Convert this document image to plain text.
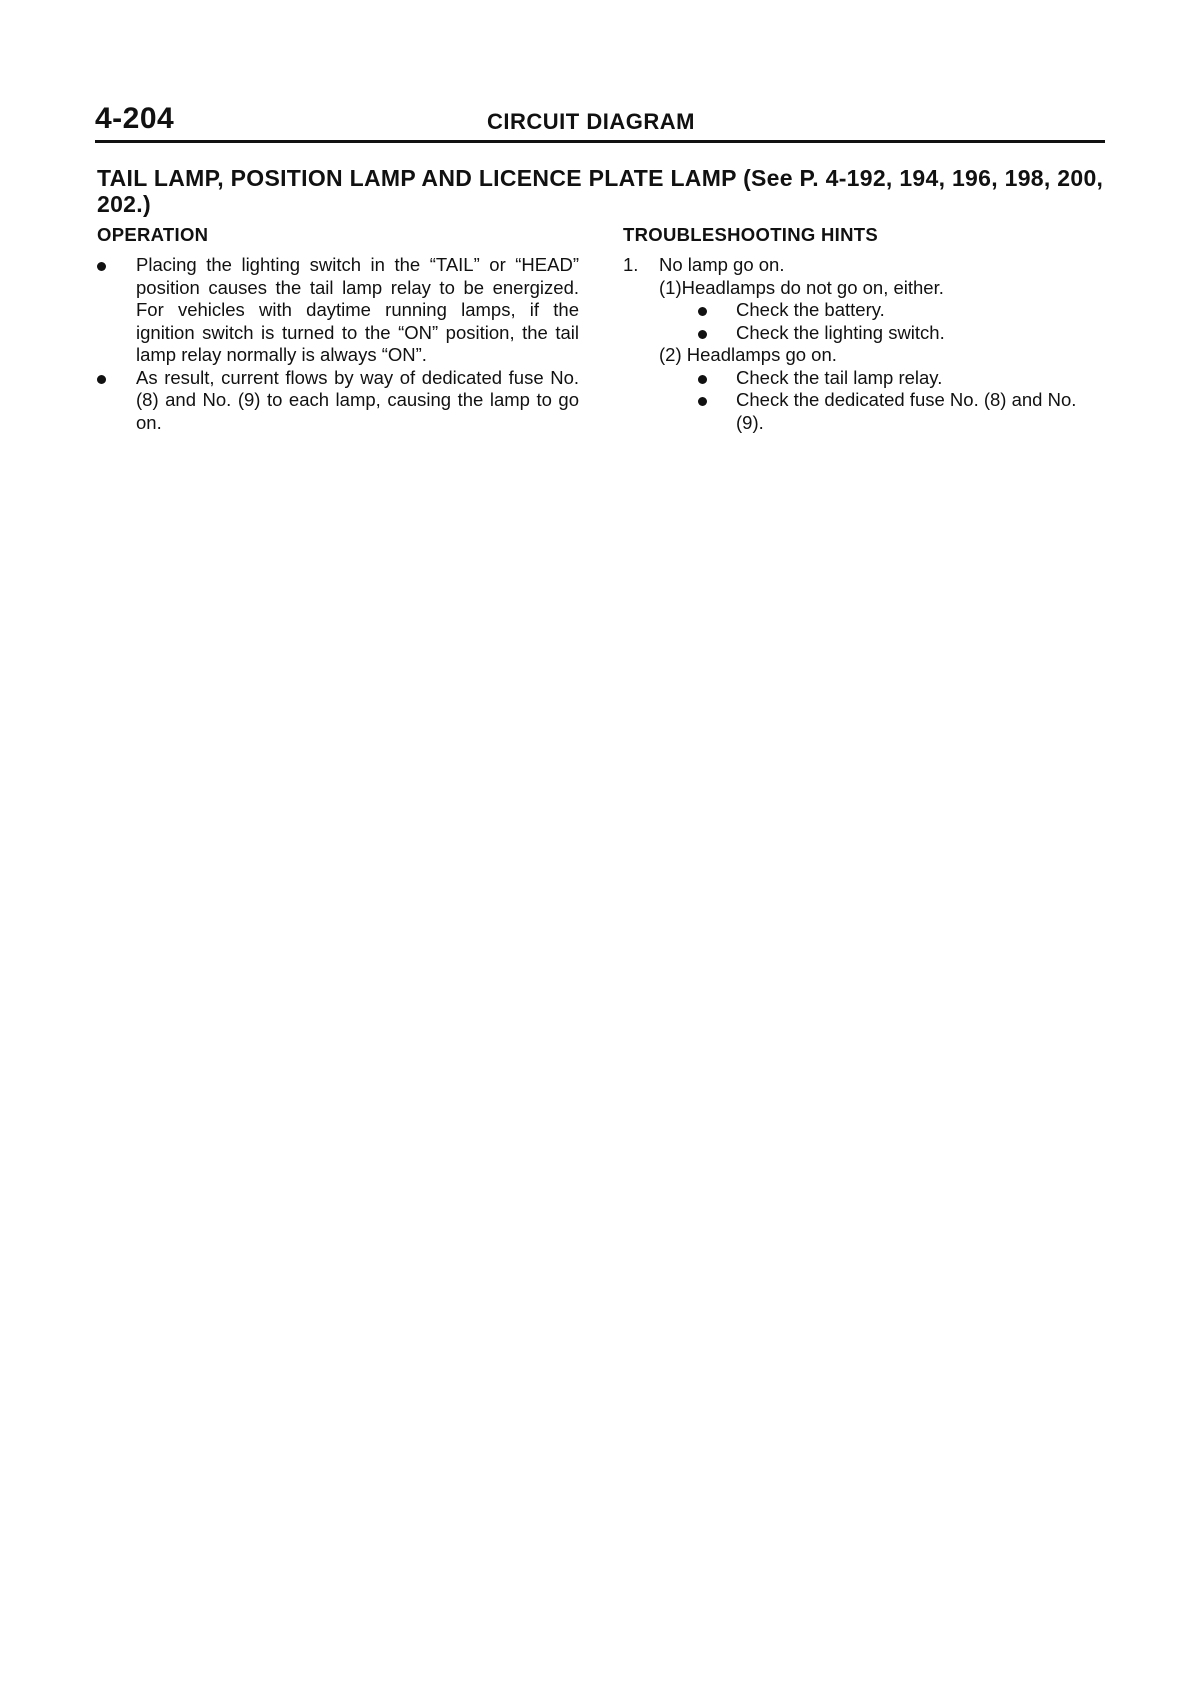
4-204	CIRCUIT DIAGRAM
TAIL LAMP, POSITION LAMP AND LICENCE PLATE LAMP (See P. 4-192, 194, 196, 198, 200, 202.)
OPERATION
Placing the lighting switch in the “TAIL” or “HEAD” position causes the tail lamp relay to be energized. For vehicles with daytime running lamps, if the ignition switch is turned to the “ON” position, the tail lamp relay normally is always “ON”.
As result, current flows by way of dedicated fuse No. (8) and No. (9) to each lamp, causing the lamp to go on.
TROUBLESHOOTING HINTS
1. No lamp go on.

(1)Headlamps do not go on, either.

Check the battery.
Check the lighting switch.
(2) Headlamps go on.

Check the tail lamp relay.
Check the dedicated fuse No. (8) and No. (9).
